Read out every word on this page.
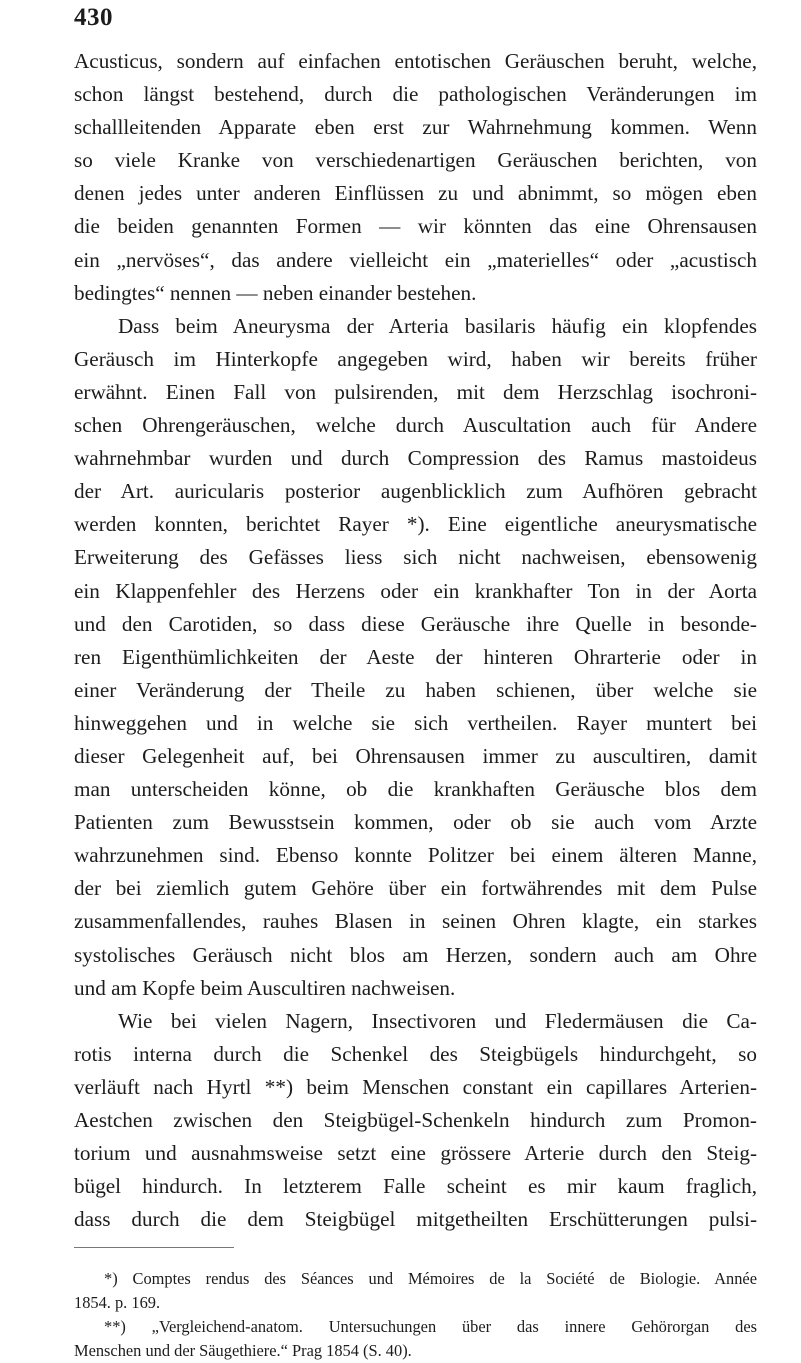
430
Acusticus, sondern auf einfachen entotischen Geräuschen beruht, welche,
schon längst bestehend, durch die pathologischen Veränderungen im
schallleitenden Apparate eben erst zur Wahrnehmung kommen. Wenn
so viele Kranke von verschiedenartigen Geräuschen berichten, von
denen jedes unter anderen Einflüssen zu und abnimmt, so mögen eben
die beiden genannten Formen — wir könnten das eine Ohrensausen
ein „nervöses“, das andere vielleicht ein „materielles“ oder „acustisch
bedingtes“ nennen — neben einander bestehen.
Dass beim Aneurysma der Arteria basilaris häufig ein klopfendes
Geräusch im Hinterkopfe angegeben wird, haben wir bereits früher
erwähnt. Einen Fall von pulsirenden, mit dem Herzschlag isochroni-
schen Ohrengeräuschen, welche durch Auscultation auch für Andere
wahrnehmbar wurden und durch Compression des Ramus mastoideus
der Art. auricularis posterior augenblicklich zum Aufhören gebracht
werden konnten, berichtet Rayer *). Eine eigentliche aneurysmatische
Erweiterung des Gefässes liess sich nicht nachweisen, ebensowenig
ein Klappenfehler des Herzens oder ein krankhafter Ton in der Aorta
und den Carotiden, so dass diese Geräusche ihre Quelle in besonde-
ren Eigenthümlichkeiten der Aeste der hinteren Ohrarterie oder in
einer Veränderung der Theile zu haben schienen, über welche sie
hinweggehen und in welche sie sich vertheilen. Rayer muntert bei
dieser Gelegenheit auf, bei Ohrensausen immer zu auscultiren, damit
man unterscheiden könne, ob die krankhaften Geräusche blos dem
Patienten zum Bewusstsein kommen, oder ob sie auch vom Arzte
wahrzunehmen sind. Ebenso konnte Politzer bei einem älteren Manne,
der bei ziemlich gutem Gehöre über ein fortwährendes mit dem Pulse
zusammenfallendes, rauhes Blasen in seinen Ohren klagte, ein starkes
systolisches Geräusch nicht blos am Herzen, sondern auch am Ohre
und am Kopfe beim Auscultiren nachweisen.
Wie bei vielen Nagern, Insectivoren und Fledermäusen die Ca-
rotis interna durch die Schenkel des Steigbügels hindurchgeht, so
verläuft nach Hyrtl **) beim Menschen constant ein capillares Arterien-
Aestchen zwischen den Steigbügel-Schenkeln hindurch zum Promon-
torium und ausnahmsweise setzt eine grössere Arterie durch den Steig-
bügel hindurch. In letzterem Falle scheint es mir kaum fraglich,
dass durch die dem Steigbügel mitgetheilten Erschütterungen pulsi-
*) Comptes rendus des Séances und Mémoires de la Société de Biologie. Année
1854. p. 169.
**) „Vergleichend-anatom. Untersuchungen über das innere Gehörorgan des
Menschen und der Säugethiere.“ Prag 1854 (S. 40).
